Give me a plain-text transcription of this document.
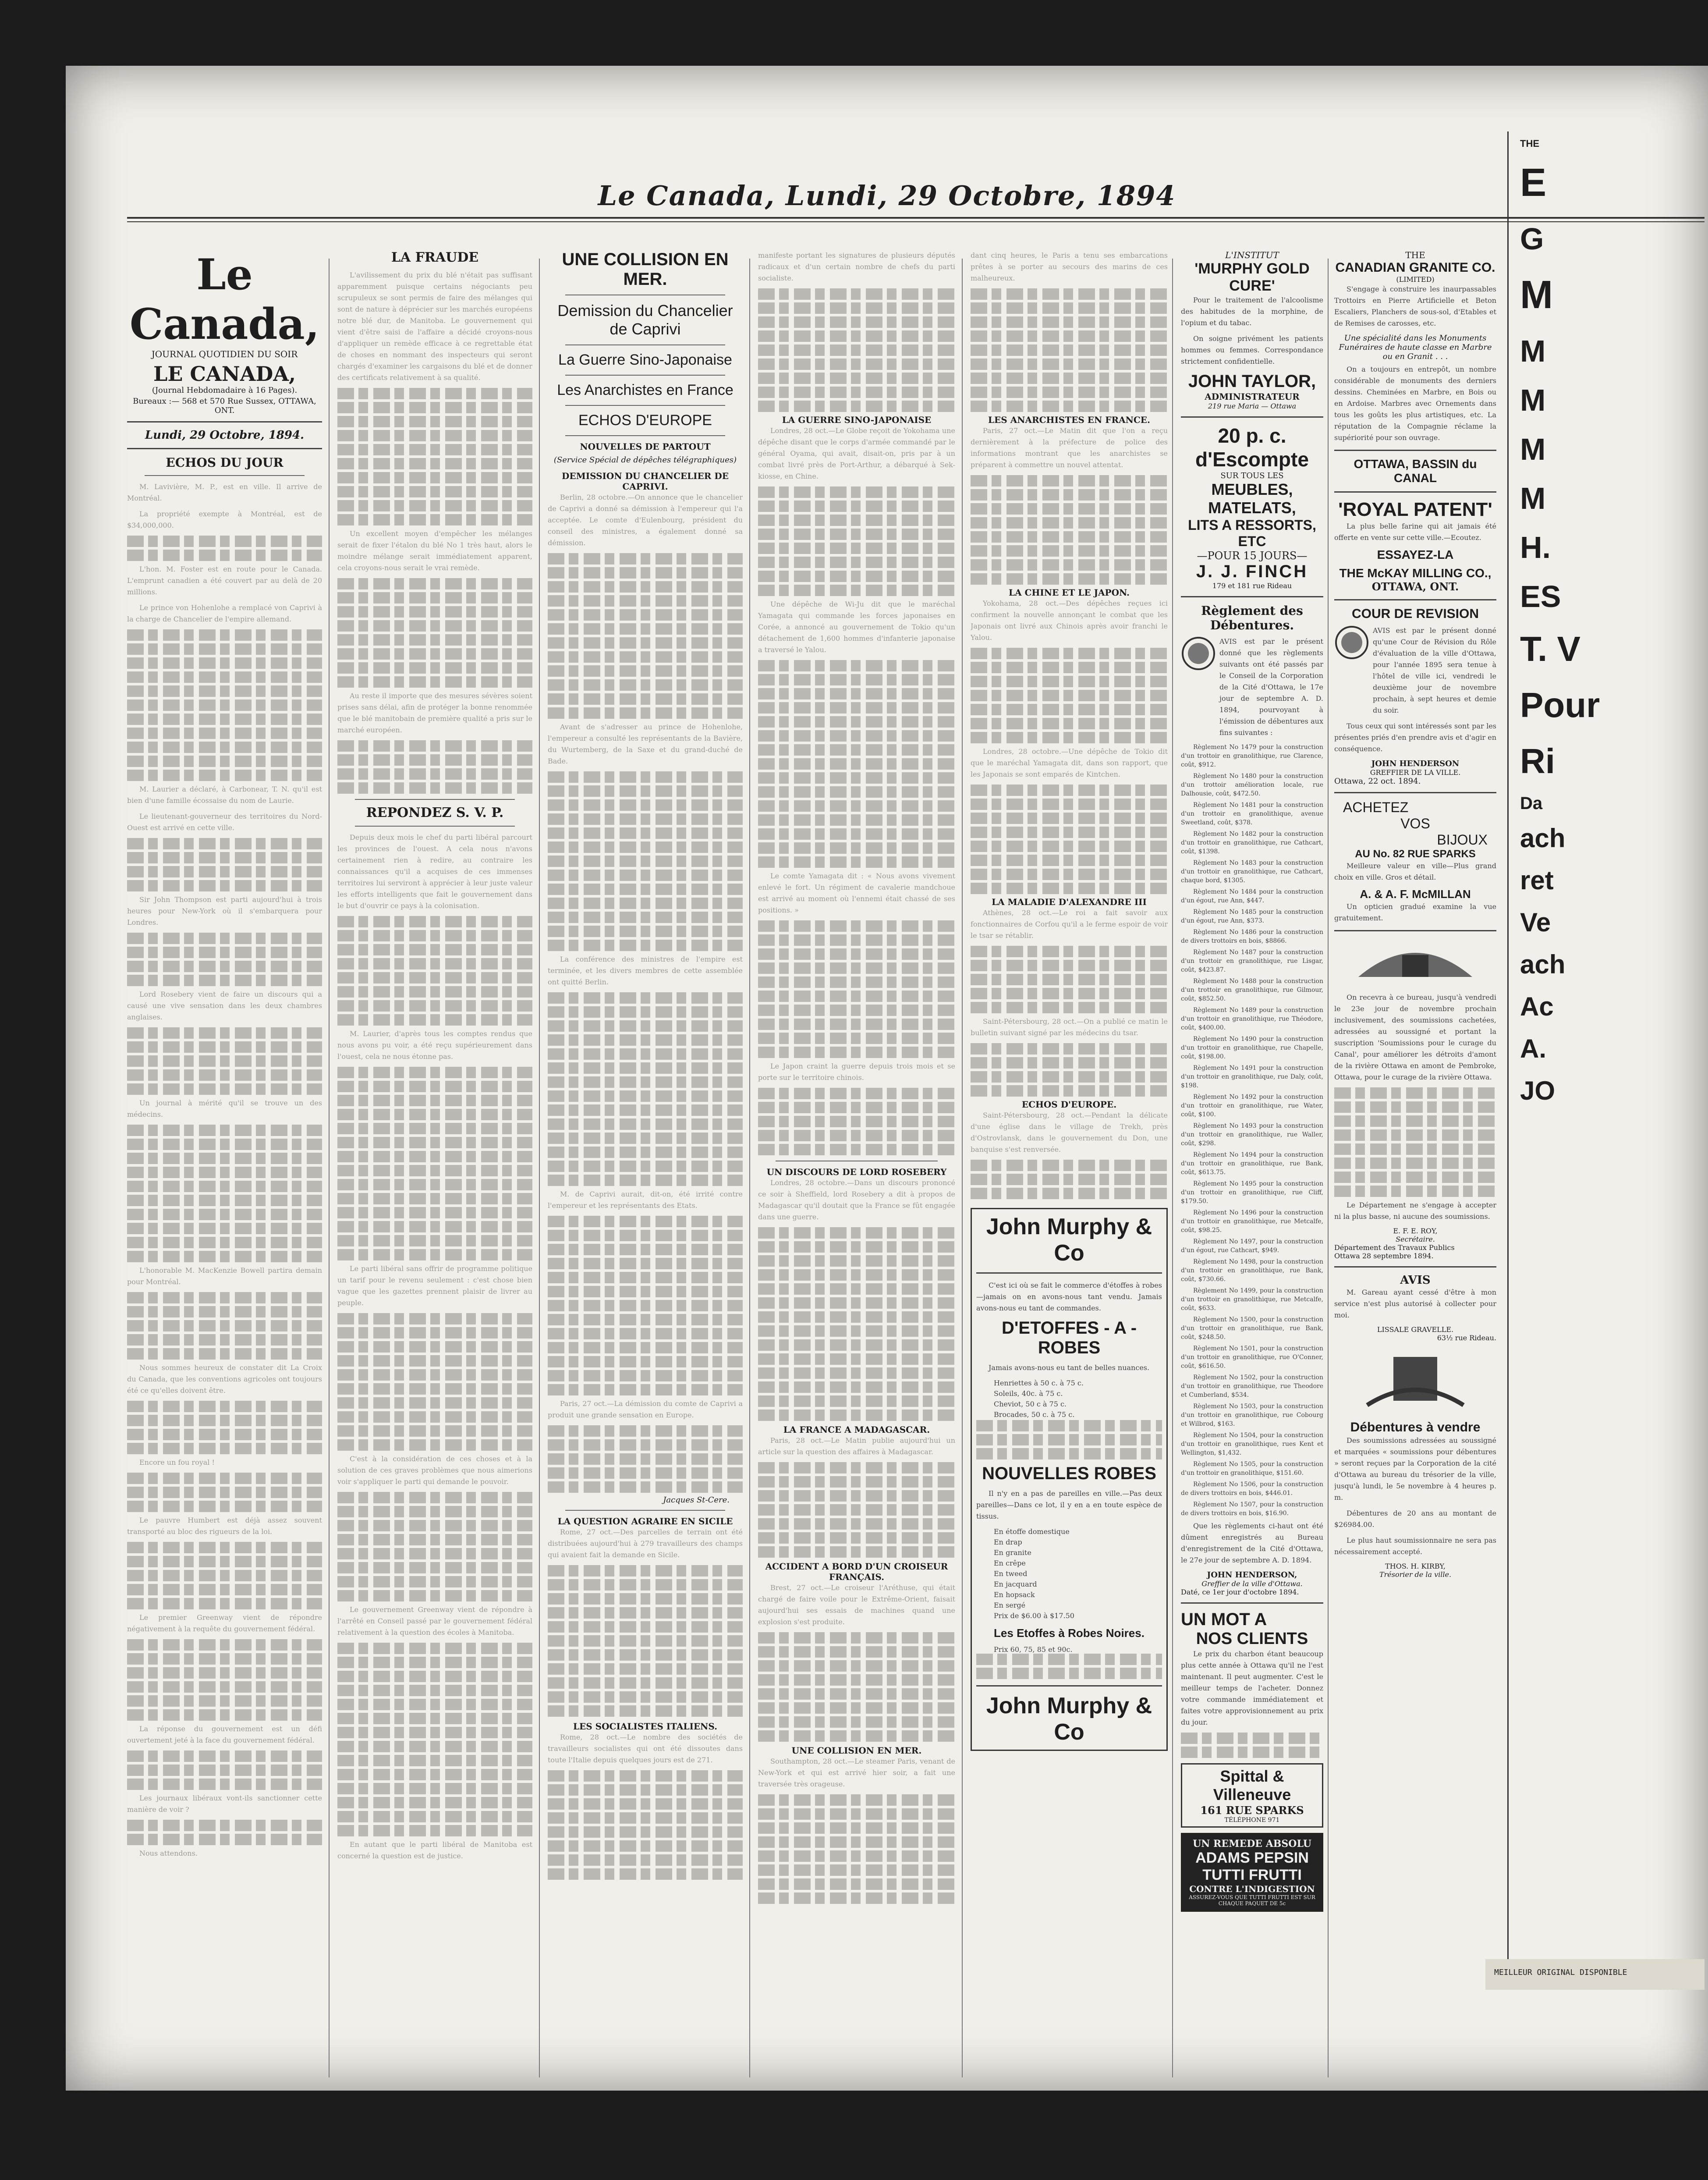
Le Canada, Lundi, 29 Octobre, 1894
Le Canada,
JOURNAL QUOTIDIEN DU SOIR
LE CANADA,
(Journal Hebdomadaire à 16 Pages).
Bureaux :— 568 et 570 Rue Sussex, OTTAWA, ONT.
Lundi, 29 Octobre, 1894.
ECHOS DU JOUR

M. Lavivière, M. P., est en ville. Il arrive de Montréal.

La propriété exempte à Montréal, est de $34,000,000.

L'hon. M. Foster est en route pour le Canada. L'emprunt canadien a été couvert par au delà de 20 millions.

Le prince von Hohenlohe a remplacé von Caprivi à la charge de Chancelier de l'empire allemand.

M. Laurier a déclaré, à Carbonear, T. N. qu'il est bien d'une famille écossaise du nom de Laurie.

Le lieutenant-gouverneur des territoires du Nord-Ouest est arrivé en cette ville.

Sir John Thompson est parti aujourd'hui à trois heures pour New-York où il s'embarquera pour Londres.

Lord Rosebery vient de faire un discours qui a causé une vive sensation dans les deux chambres anglaises.

Un journal à mérité qu'il se trouve un des médecins.

L'honorable M. MacKenzie Bowell partira demain pour Montréal.

Nous sommes heureux de constater dit La Croix du Canada, que les conventions agricoles ont toujours été ce qu'elles doivent être.

Encore un fou royal !

Le pauvre Humbert est déjà assez souvent transporté au bloc des rigueurs de la loi.

Le premier Greenway vient de répondre négativement à la requête du gouvernement fédéral.

La réponse du gouvernement est un défi ouvertement jeté à la face du gouvernement fédéral.

Les journaux libéraux vont-ils sanctionner cette manière de voir ?

Nous attendons.

LA FRAUDE

L'avilissement du prix du blé n'était pas suffisant apparemment puisque certains négociants peu scrupuleux se sont permis de faire des mélanges qui sont de nature à déprécier sur les marchés européens notre blé dur, de Manitoba. Le gouvernement qui vient d'être saisi de l'affaire a décidé croyons-nous d'appliquer un remède efficace à ce regrettable état de choses en nommant des inspecteurs qui seront chargés d'examiner les cargaisons du blé et de donner des certificats relativement à sa qualité.

Un excellent moyen d'empêcher les mélanges serait de fixer l'étalon du blé No 1 très haut, alors le moindre mélange serait immédiatement apparent, cela croyons-nous serait le vrai remède.

Au reste il importe que des mesures sévères soient prises sans délai, afin de protéger la bonne renommée que le blé manitobain de première qualité a pris sur le marché européen.

REPONDEZ S. V. P.

Depuis deux mois le chef du parti libéral parcourt les provinces de l'ouest. A cela nous n'avons certainement rien à redire, au contraire les connaissances qu'il a acquises de ces immenses territoires lui serviront à apprécier à leur juste valeur les efforts intelligents que fait le gouvernement dans le but d'ouvrir ce pays à la colonisation.

M. Laurier, d'après tous les comptes rendus que nous avons pu voir, a été reçu supérieurement dans l'ouest, cela ne nous étonne pas.

Le parti libéral sans offrir de programme politique un tarif pour le revenu seulement : c'est chose bien vague que les gazettes prennent plaisir de livrer au peuple.

C'est à la considération de ces choses et à la solution de ces graves problèmes que nous aimerions voir s'appliquer le parti qui demande le pouvoir.

Le gouvernement Greenway vient de répondre à l'arrêté en Conseil passé par le gouvernement fédéral relativement à la question des écoles à Manitoba.

En autant que le parti libéral de Manitoba est concerné la question est de justice.

UNE COLLISION EN MER.
Demission du Chancelier de Caprivi
La Guerre Sino-Japonaise
Les Anarchistes en France
ECHOS D'EUROPE
NOUVELLES DE PARTOUT
(Service Spécial de dépêches télégraphiques)
DEMISSION DU CHANCELIER DE CAPRIVI.

Berlin, 28 octobre.—On annonce que le chancelier de Caprivi a donné sa démission à l'empereur qui l'a acceptée. Le comte d'Eulenbourg, président du conseil des ministres, a également donné sa démission.

Avant de s'adresser au prince de Hohenlohe, l'empereur a consulté les représentants de la Bavière, du Wurtemberg, de la Saxe et du grand-duché de Bade.

La conférence des ministres de l'empire est terminée, et les divers membres de cette assemblée ont quitté Berlin.

M. de Caprivi aurait, dit-on, été irrité contre l'empereur et les représentants des Etats.

Paris, 27 oct.—La démission du comte de Caprivi a produit une grande sensation en Europe.

Jacques St-Cere.
LA QUESTION AGRAIRE EN SICILE

Rome, 27 oct.—Des parcelles de terrain ont été distribuées aujourd'hui à 279 travailleurs des champs qui avaient fait la demande en Sicile.

LES SOCIALISTES ITALIENS.

Rome, 28 oct.—Le nombre des sociétés de travailleurs socialistes qui ont été dissoutes dans toute l'Italie depuis quelques jours est de 271.

manifeste portant les signatures de plusieurs députés radicaux et d'un certain nombre de chefs du parti socialiste.

LA GUERRE SINO-JAPONAISE

Londres, 28 oct.—Le Globe reçoit de Yokohama une dépêche disant que le corps d'armée commandé par le général Oyama, qui avait, disait-on, pris par à un combat livré près de Port-Arthur, a débarqué à Sek-kiosse, en Chine.

Une dépêche de Wi-Ju dit que le maréchal Yamagata qui commande les forces japonaises en Corée, a annoncé au gouvernement de Tokio qu'un détachement de 1,600 hommes d'infanterie japonaise a traversé le Yalou.

Le comte Yamagata dit : « Nous avons vivement enlevé le fort. Un régiment de cavalerie mandchoue est arrivé au moment où l'ennemi était chassé de ses positions. »

Le Japon craint la guerre depuis trois mois et se porte sur le territoire chinois.

UN DISCOURS DE LORD ROSEBERY

Londres, 28 octobre.—Dans un discours prononcé ce soir à Sheffield, lord Rosebery a dit à propos de Madagascar qu'il doutait que la France se fût engagée dans une guerre.

LA FRANCE A MADAGASCAR.

Paris, 28 oct.—Le Matin publie aujourd'hui un article sur la question des affaires à Madagascar.

ACCIDENT A BORD D'UN CROISEUR FRANÇAIS.

Brest, 27 oct.—Le croiseur l'Aréthuse, qui était chargé de faire voile pour le Extrême-Orient, faisait aujourd'hui ses essais de machines quand une explosion s'est produite.

UNE COLLISION EN MER.

Southampton, 28 oct.—Le steamer Paris, venant de New-York et qui est arrivé hier soir, a fait une traversée très orageuse.

dant cinq heures, le Paris a tenu ses embarcations prêtes à se porter au secours des marins de ces malheureux.

LES ANARCHISTES EN FRANCE.

Paris, 27 oct.—Le Matin dit que l'on a reçu dernièrement à la préfecture de police des informations montrant que les anarchistes se préparent à commettre un nouvel attentat.

LA CHINE ET LE JAPON.

Yokohama, 28 oct.—Des dépêches reçues ici confirment la nouvelle annonçant le combat que les Japonais ont livré aux Chinois après avoir franchi le Yalou.

Londres, 28 octobre.—Une dépêche de Tokio dit que le maréchal Yamagata dit, dans son rapport, que les Japonais se sont emparés de Kintchen.

LA MALADIE D'ALEXANDRE III

Athènes, 28 oct.—Le roi a fait savoir aux fonctionnaires de Corfou qu'il a le ferme espoir de voir le tsar se rétablir.

Saint-Pétersbourg, 28 oct.—On a publié ce matin le bulletin suivant signé par les médecins du tsar.

ECHOS D'EUROPE.

Saint-Pétersbourg, 28 oct.—Pendant la délicate d'une église dans le village de Trekh, près d'Ostrovlansk, dans le gouvernement du Don, une banquise s'est renversée.

John Murphy & Co

C'est ici où se fait le commerce d'étoffes à robes—jamais on en avons-nous tant vendu. Jamais avons-nous eu tant de commandes.

D'ETOFFES - A - ROBES

Jamais avons-nous eu tant de belles nuances.

Henriettes à 50 c. à 75 c.
Soleils, 40c. à 75 c.
Cheviot, 50 c à 75 c.
Brocades, 50 c. à 75 c.
NOUVELLES ROBES

Il n'y en a pas de pareilles en ville.—Pas deux pareilles—Dans ce lot, il y en a en toute espèce de tissus.

En étoffe domestique
En drap
En granite
En crêpe
En tweed
En jacquard
En hopsack
En sergé
Prix de $6.00 à $17.50
Les Etoffes à Robes Noires.
Prix 60, 75, 85 et 90c.
John Murphy & Co
L'INSTITUT
'MURPHY GOLD CURE'

Pour le traitement de l'alcoolisme des habitudes de la morphine, de l'opium et du tabac.

On soigne privément les patients hommes ou femmes. Correspondance strictement confidentielle.

JOHN TAYLOR,
ADMINISTRATEUR
219 rue Maria — Ottawa
20 p. c. d'Escompte
SUR TOUS LES
MEUBLES,
MATELATS,
LITS A RESSORTS, ETC
—POUR 15 JOURS—
J. J. FINCH
179 et 181 rue Rideau
Règlement des Débentures.

AVIS est par le présent donné que les règlements suivants ont été passés par le Conseil de la Corporation de la Cité d'Ottawa, le 17e jour de septembre A. D. 1894, pourvoyant à l'émission de débentures aux fins suivantes :

Règlement No 1479 pour la construction d'un trottoir en granolithique, rue Clarence, coût, $912.

Règlement No 1480 pour la construction d'un trottoir amélioration locale, rue Dalhousie, coût, $472.50.

Règlement No 1481 pour la construction d'un trottoir en granolithique, avenue Sweetland, coût, $378.

Règlement No 1482 pour la construction d'un trottoir en granolithique, rue Cathcart, coût, $1398.

Règlement No 1483 pour la construction d'un trottoir en granolithique, rue Cathcart, chaque bord, $1305.

Règlement No 1484 pour la construction d'un égout, rue Ann, $447.

Règlement No 1485 pour la construction d'un égout, rue Ann, $373.

Règlement No 1486 pour la construction de divers trottoirs en bois, $8866.

Règlement No 1487 pour la construction d'un trottoir en granolithique, rue Lisgar, coût, $423.87.

Règlement No 1488 pour la construction d'un trottoir en granolithique, rue Gilmour, coût, $852.50.

Règlement No 1489 pour la construction d'un trottoir en granolithique, rue Théodore, coût, $400.00.

Règlement No 1490 pour la construction d'un trottoir en granolithique, rue Chapelle, coût, $198.00.

Règlement No 1491 pour la construction d'un trottoir en granolithique, rue Daly, coût, $198.

Règlement No 1492 pour la construction d'un trottoir en granolithique, rue Water, coût, $100.

Règlement No 1493 pour la construction d'un trottoir en granolithique, rue Waller, coût, $298.

Règlement No 1494 pour la construction d'un trottoir en granolithique, rue Bank, coût, $613.75.

Règlement No 1495 pour la construction d'un trottoir en granolithique, rue Cliff, $179.50.

Règlement No 1496 pour la construction d'un trottoir en granolithique, rue Metcalfe, coût, $98.25.

Règlement No 1497, pour la construction d'un égout, rue Cathcart, $949.

Règlement No 1498, pour la construction d'un trottoir en granolithique, rue Bank, coût, $730.66.

Règlement No 1499, pour la construction d'un trottoir en granolithique, rue Metcalfe, coût, $633.

Règlement No 1500, pour la construction d'un trottoir en granolithique, rue Bank, coût, $248.50.

Règlement No 1501, pour la construction d'un trottoir en granolithique, rue O'Conner, coût, $616.50.

Règlement No 1502, pour la construction d'un trottoir en granolithique, rue Theodore et Cumberland, $534.

Règlement No 1503, pour la construction d'un trottoir en granolithique, rue Cobourg et Wilbrod, $163.

Règlement No 1504, pour la construction d'un trottoir en granolithique, rues Kent et Wellington, $1,432.

Règlement No 1505, pour la construction d'un trottoir en granolithique, $151.60.

Règlement No 1506, pour la construction de divers trottoirs en bois, $446.01.

Règlement No 1507, pour la construction de divers trottoirs en bois, $16.90.

Que les règlements ci-haut ont été dûment enregistrés au Bureau d'enregistrement de la Cité d'Ottawa, le 27e jour de septembre A. D. 1894.

JOHN HENDERSON,
Greffier de la ville d'Ottawa.
Daté, ce 1er jour d'octobre 1894.
UN MOT A
NOS CLIENTS

Le prix du charbon étant beaucoup plus cette année à Ottawa qu'il ne l'est maintenant. Il peut augmenter. C'est le meilleur temps de l'acheter. Donnez votre commande immédiatement et faites votre approvisionnement au prix du jour.

Spittal & Villeneuve
161 RUE SPARKS
TÉLÉPHONE 971
UN REMEDE ABSOLU
ADAMS PEPSIN
TUTTI FRUTTI
CONTRE L'INDIGESTION
ASSUREZ-VOUS QUE TUTTI FRUTTI EST SUR CHAQUE PAQUET DE 5c
THE
CANADIAN GRANITE CO.
(LIMITED)

S'engage à construire les inaurpassables Trottoirs en Pierre Artificielle et Beton Escaliers, Planchers de sous-sol, d'Etables et de Remises de carosses, etc.

Une spécialité dans les Monuments Funéraires de haute classe en Marbre ou en Granit . . .

On a toujours en entrepôt, un nombre considérable de monuments des derniers dessins. Cheminées en Marbre, en Bois ou en Ardoise. Marbres avec Ornements dans tous les goûts les plus artistiques, etc. La réputation de la Compagnie réclame la supériorité pour son ouvrage.

OTTAWA, BASSIN du CANAL
'ROYAL PATENT'

La plus belle farine qui ait jamais été offerte en vente sur cette ville.—Ecoutez.

ESSAYEZ-LA
THE McKAY MILLING CO.,
OTTAWA, ONT.
COUR DE REVISION

AVIS est par le présent donné qu'une Cour de Révision du Rôle d'évaluation de la ville d'Ottawa, pour l'année 1895 sera tenue à l'hôtel de ville ici, vendredi le deuxième jour de novembre prochain, à sept heures et demie du soir.

Tous ceux qui sont intéressés sont par les présentes priés d'en prendre avis et d'agir en conséquence.

JOHN HENDERSON
GREFFIER DE LA VILLE.
Ottawa, 22 oct. 1894.
ACHETEZ
VOS
BIJOUX
AU No. 82 RUE SPARKS

Meilleure valeur en ville—Plus grand choix en ville. Gros et détail.

A. & A. F. McMILLAN

Un opticien gradué examine la vue gratuitement.

On recevra à ce bureau, jusqu'à vendredi le 23e jour de novembre prochain inclusivement, des soumissions cachetées, adressées au soussigné et portant la suscription 'Soumissions pour le curage du Canal', pour améliorer les détroits d'amont de la rivière Ottawa en amont de Pembroke, Ottawa, pour le curage de la rivière Ottawa.

Le Département ne s'engage à accepter ni la plus basse, ni aucune des soumissions.

E. F. E. ROY,
Secrétaire.
Département des Travaux Publics
Ottawa 28 septembre 1894.
AVIS

M. Gareau ayant cessé d'être à mon service n'est plus autorisé à collecter pour moi.

LISSALE GRAVELLE.
63½ rue Rideau.
Débentures à vendre

Des soumissions adressées au soussigné et marquées « soumissions pour débentures » seront reçues par la Corporation de la cité d'Ottawa au bureau du trésorier de la ville, jusqu'à lundi, le 5e novembre à 4 heures p. m.

Débentures de 20 ans au montant de $26984.00.

Le plus haut soumissionnaire ne sera pas nécessairement accepté.

THOS. H. KIRBY,
Trésorier de la ville.
THE
E
G
M
M
M
M
M
H.
ES
T. V
Pour
Ri
Da
ach
ret
Ve
ach
Ac
A.
JO
MEILLEUR ORIGINAL DISPONIBLE
